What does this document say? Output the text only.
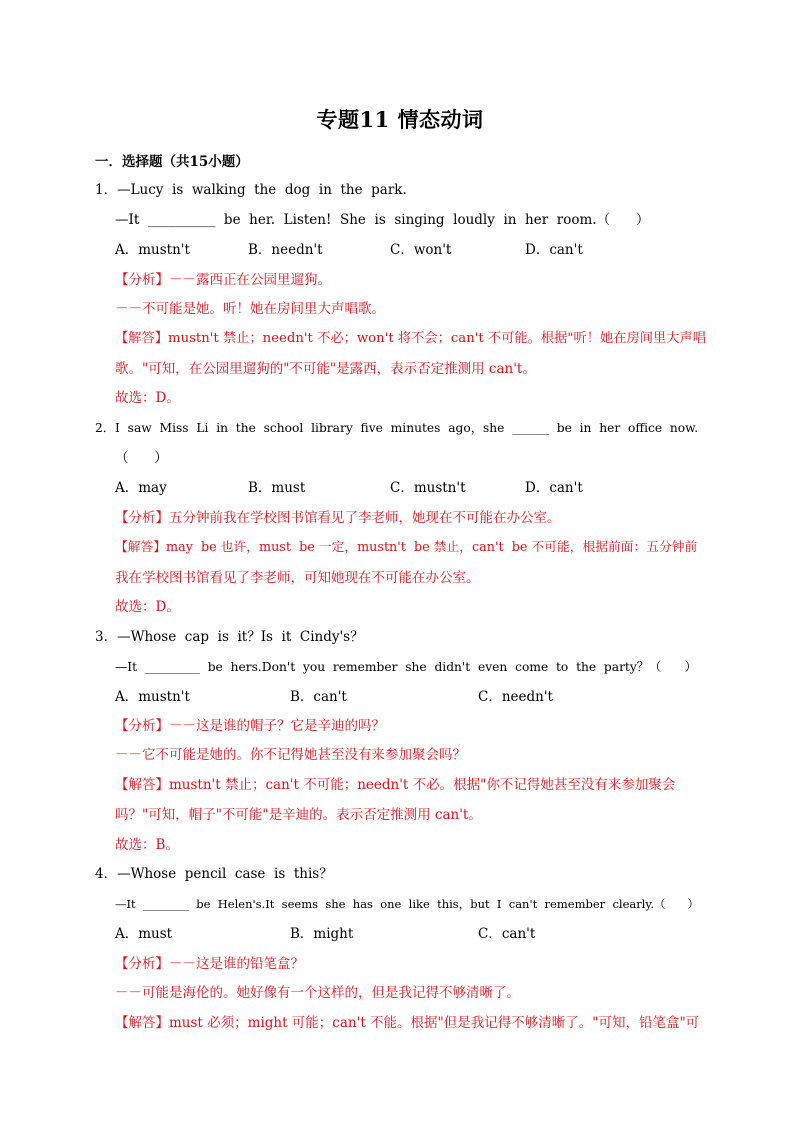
专题11 情态动词
一．选择题（共15小题）
1．—Lucy  is  walking  the  dog  in  the  park.
—It  __________  be  her.  Listen!  She  is  singing  loudly  in  her  room.（      ）
A．mustn't	B．needn't	C．won't	D．can't
【分析】－－露西正在公园里遛狗。
－－不可能是她。听！她在房间里大声唱歌。
【解答】mustn't 禁止；needn't 不必；won't 将不会；can't 不可能。根据"听！她在房间里大声唱
歌。"可知，在公园里遛狗的"不可能"是露西，表示否定推测用 can't。
故选：D。
2．I  saw  Miss  Li  in  the  school  library  five  minutes  ago，she  ______  be  in  her  office  now.
（      ）
A．may	B．must	C．mustn't	D．can't
【分析】五分钟前我在学校图书馆看见了李老师，她现在不可能在办公室。
【解答】may  be 也许，must  be 一定，mustn't  be 禁止，can't  be 不可能，根据前面：五分钟前
我在学校图书馆看见了李老师，可知她现在不可能在办公室。
故选：D。
3．—Whose  cap  is  it？Is  it  Cindy's？
—It  _________  be  hers.Don't  you  remember  she  didn't  even  come  to  the  party？（      ）
A．mustn't	B．can't	C．needn't
【分析】－－这是谁的帽子？它是辛迪的吗？
－－它不可能是她的。你不记得她甚至没有来参加聚会吗？
【解答】mustn't 禁止；can't 不可能；needn't 不必。根据"你不记得她甚至没有来参加聚会
吗？"可知，帽子"不可能"是辛迪的。表示否定推测用 can't。
故选：B。
4．—Whose  pencil  case  is  this？
—It  ________  be  Helen's.It  seems  she  has  one  like  this，but  I  can't  remember  clearly.（      ）
A．must	B．might	C．can't
【分析】－－这是谁的铅笔盒？
－－可能是海伦的。她好像有一个这样的，但是我记得不够清晰了。
【解答】must 必须；might 可能；can't 不能。根据"但是我记得不够清晰了。"可知，铅笔盒"可
